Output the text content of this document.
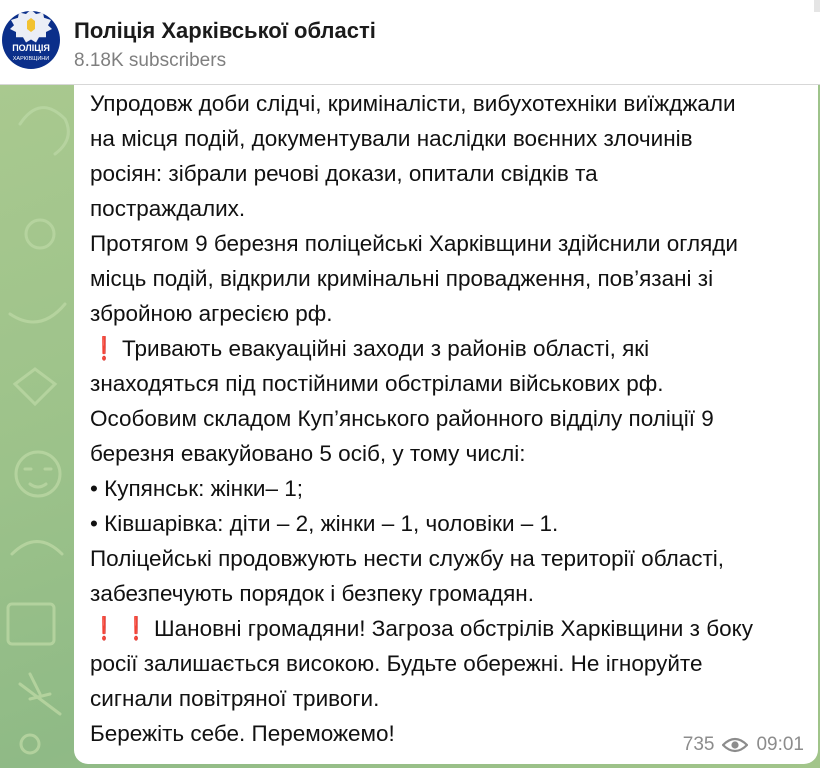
ПОЛІЦІЯ
ХАРКІВЩИНИ
Поліція Харківської області
8.18K subscribers
Упродовж доби слідчі, криміналісти, вибухотехніки виїжджали
на місця подій, документували наслідки воєнних злочинів
росіян: зібрали речові докази, опитали свідків та
постраждалих.
Протягом 9 березня поліцейські Харківщини здійснили огляди
місць подій, відкрили кримінальні провадження, пов’язані зі
збройною агресією рф.
❗ Тривають евакуаційні заходи з районів області, які
знаходяться під постійними обстрілами військових рф.
Особовим складом Куп’янського районного відділу поліції 9
березня евакуйовано 5 осіб, у тому числі:
• Купянськ: жінки– 1;
• Ківшарівка: діти – 2, жінки – 1, чоловіки – 1.
Поліцейські продовжують нести службу на території області,
забезпечують порядок і безпеку громадян.
❗ ❗ Шановні громадяни! Загроза обстрілів Харківщини з боку
росії залишається високою. Будьте обережні. Не ігноруйте
сигнали повітряної тривоги.
Бережіть себе. Переможемо!	735 09:01
